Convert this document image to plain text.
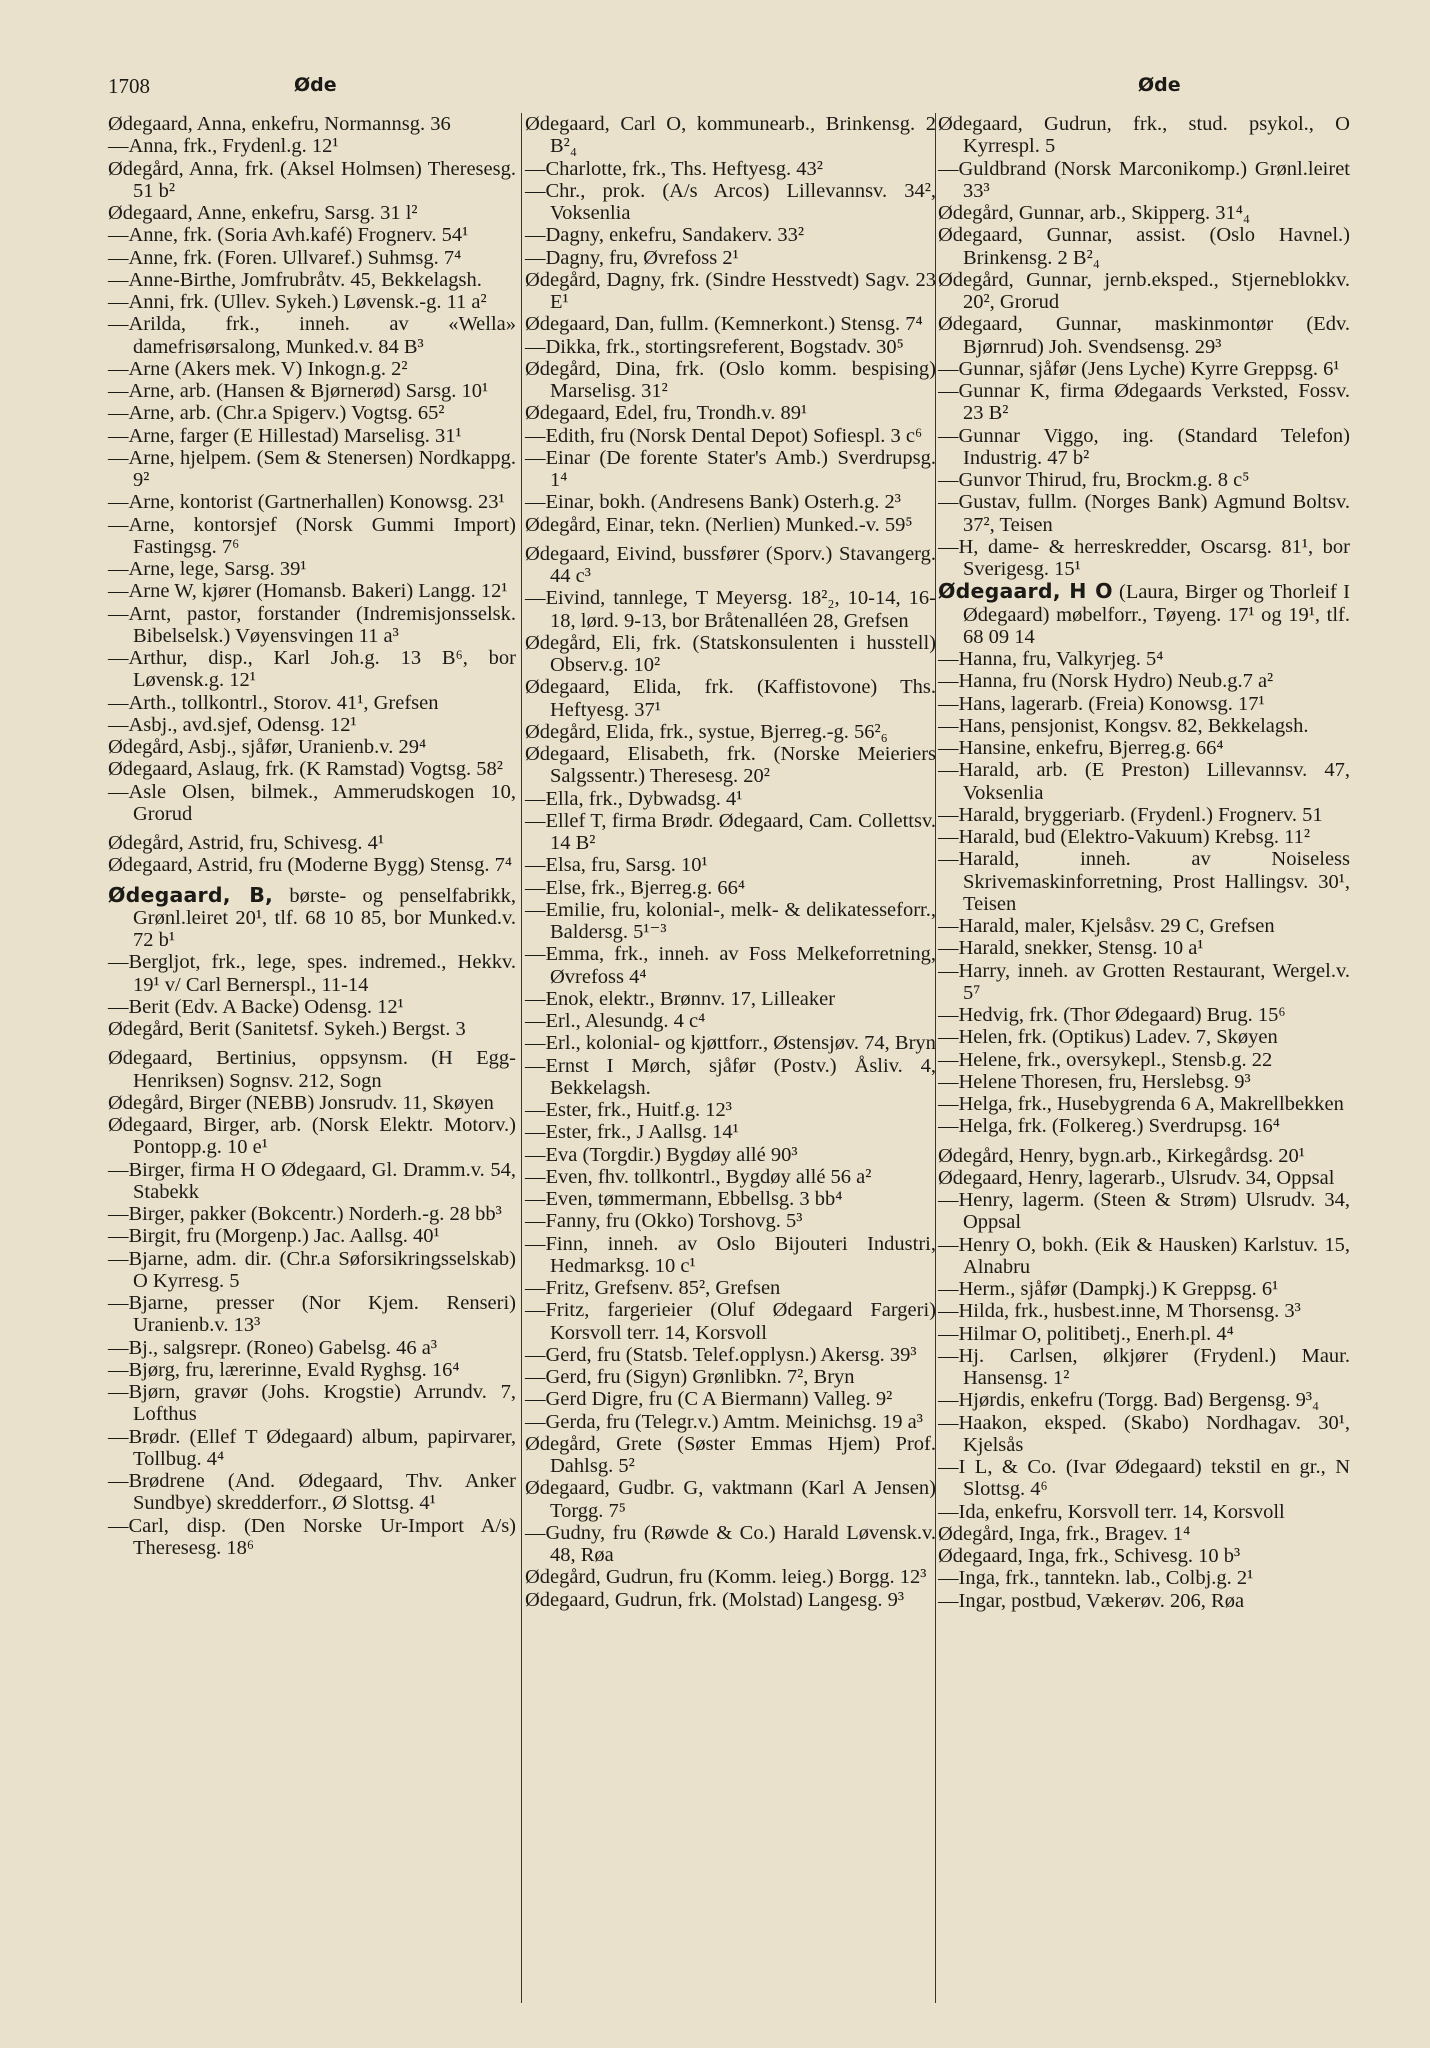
1708	Øde	Øde

Ødegaard, Anna, enkefru, Normannsg. 36

—Anna, frk., Frydenl.g. 12¹

Ødegård, Anna, frk. (Aksel Holmsen) Theresesg. 51 b²

Ødegaard, Anne, enkefru, Sarsg. 31 l²

—Anne, frk. (Soria Avh.kafé) Frognerv. 54¹

—Anne, frk. (Foren. Ullvaref.) Suhmsg. 7⁴

—Anne-Birthe, Jomfrubråtv. 45, Bekkelagsh.

—Anni, frk. (Ullev. Sykeh.) Løvensk.-g. 11 a²

—Arilda, frk., inneh. av «Wella» damefrisørsalong, Munked.v. 84 B³

—Arne (Akers mek. V) Inkogn.g. 2²

—Arne, arb. (Hansen & Bjørnerød) Sarsg. 10¹

—Arne, arb. (Chr.a Spigerv.) Vogtsg. 65²

—Arne, farger (E Hillestad) Marselisg. 31¹

—Arne, hjelpem. (Sem & Stenersen) Nordkappg. 9²

—Arne, kontorist (Gartnerhallen) Konowsg. 23¹

—Arne, kontorsjef (Norsk Gummi Import) Fastingsg. 7⁶

—Arne, lege, Sarsg. 39¹

—Arne W, kjører (Homansb. Bakeri) Langg. 12¹

—Arnt, pastor, forstander (Indremisjonsselsk. Bibelselsk.) Vøyensvingen 11 a³

—Arthur, disp., Karl Joh.g. 13 B⁶, bor Løvensk.g. 12¹

—Arth., tollkontrl., Storov. 41¹, Grefsen

—Asbj., avd.sjef, Odensg. 12¹

Ødegård, Asbj., sjåfør, Uranienb.v. 29⁴

Ødegaard, Aslaug, frk. (K Ramstad) Vogtsg. 58²

—Asle Olsen, bilmek., Ammerudskogen 10, Grorud

Ødegård, Astrid, fru, Schivesg. 4¹

Ødegaard, Astrid, fru (Moderne Bygg) Stensg. 7⁴

Ødegaard, B, børste- og penselfabrikk, Grønl.leiret 20¹, tlf. 68 10 85, bor Munked.v. 72 b¹

—Bergljot, frk., lege, spes. indremed., Hekkv. 19¹ v/ Carl Bernerspl., 11-14

—Berit (Edv. A Backe) Odensg. 12¹

Ødegård, Berit (Sanitetsf. Sykeh.) Bergst. 3

Ødegaard, Bertinius, oppsynsm. (H Egg-Henriksen) Sognsv. 212, Sogn

Ødegård, Birger (NEBB) Jonsrudv. 11, Skøyen

Ødegaard, Birger, arb. (Norsk Elektr. Motorv.) Pontopp.g. 10 e¹

—Birger, firma H O Ødegaard, Gl. Dramm.v. 54, Stabekk

—Birger, pakker (Bokcentr.) Norderh.-g. 28 bb³

—Birgit, fru (Morgenp.) Jac. Aallsg. 40¹

—Bjarne, adm. dir. (Chr.a Søforsikringsselskab) O Kyrresg. 5

—Bjarne, presser (Nor Kjem. Renseri) Uranienb.v. 13³

—Bj., salgsrepr. (Roneo) Gabelsg. 46 a³

—Bjørg, fru, lærerinne, Evald Ryghsg. 16⁴

—Bjørn, gravør (Johs. Krogstie) Arrundv. 7, Lofthus

—Brødr. (Ellef T Ødegaard) album, papirvarer, Tollbug. 4⁴

—Brødrene (And. Ødegaard, Thv. Anker Sundbye) skredderforr., Ø Slottsg. 4¹

—Carl, disp. (Den Norske Ur-Import A/s) Theresesg. 18⁶

Ødegaard, Carl O, kommunearb., Brinkensg. 2 B²₄

—Charlotte, frk., Ths. Heftyesg. 43²

—Chr., prok. (A/s Arcos) Lillevannsv. 34², Voksenlia

—Dagny, enkefru, Sandakerv. 33²

—Dagny, fru, Øvrefoss 2¹

Ødegård, Dagny, frk. (Sindre Hesstvedt) Sagv. 23 E¹

Ødegaard, Dan, fullm. (Kemnerkont.) Stensg. 7⁴

—Dikka, frk., stortingsreferent, Bogstadv. 30⁵

Ødegård, Dina, frk. (Oslo komm. bespising) Marselisg. 31²

Ødegaard, Edel, fru, Trondh.v. 89¹

—Edith, fru (Norsk Dental Depot) Sofiespl. 3 c⁶

—Einar (De forente Stater's Amb.) Sverdrupsg. 1⁴

—Einar, bokh. (Andresens Bank) Osterh.g. 2³

Ødegård, Einar, tekn. (Nerlien) Munked.-v. 59⁵

Ødegaard, Eivind, bussfører (Sporv.) Stavangerg. 44 c³

—Eivind, tannlege, T Meyersg. 18²₂, 10-14, 16-18, lørd. 9-13, bor Bråtenalléen 28, Grefsen

Ødegård, Eli, frk. (Statskonsulenten i husstell) Observ.g. 10²

Ødegaard, Elida, frk. (Kaffistovone) Ths. Heftyesg. 37¹

Ødegård, Elida, frk., systue, Bjerreg.-g. 56²₆

Ødegaard, Elisabeth, frk. (Norske Meieriers Salgssentr.) Theresesg. 20²

—Ella, frk., Dybwadsg. 4¹

—Ellef T, firma Brødr. Ødegaard, Cam. Collettsv. 14 B²

—Elsa, fru, Sarsg. 10¹

—Else, frk., Bjerreg.g. 66⁴

—Emilie, fru, kolonial-, melk- & delikatesseforr., Baldersg. 5¹⁻³

—Emma, frk., inneh. av Foss Melkeforretning, Øvrefoss 4⁴

—Enok, elektr., Brønnv. 17, Lilleaker

—Erl., Alesundg. 4 c⁴

—Erl., kolonial- og kjøttforr., Østensjøv. 74, Bryn

—Ernst I Mørch, sjåfør (Postv.) Åsliv. 4, Bekkelagsh.

—Ester, frk., Huitf.g. 12³

—Ester, frk., J Aallsg. 14¹

—Eva (Torgdir.) Bygdøy allé 90³

—Even, fhv. tollkontrl., Bygdøy allé 56 a²

—Even, tømmermann, Ebbellsg. 3 bb⁴

—Fanny, fru (Okko) Torshovg. 5³

—Finn, inneh. av Oslo Bijouteri Industri, Hedmarksg. 10 c¹

—Fritz, Grefsenv. 85², Grefsen

—Fritz, fargerieier (Oluf Ødegaard Fargeri) Korsvoll terr. 14, Korsvoll

—Gerd, fru (Statsb. Telef.opplysn.) Akersg. 39³

—Gerd, fru (Sigyn) Grønlibkn. 7², Bryn

—Gerd Digre, fru (C A Biermann) Valleg. 9²

—Gerda, fru (Telegr.v.) Amtm. Meinichsg. 19 a³

Ødegård, Grete (Søster Emmas Hjem) Prof. Dahlsg. 5²

Ødegaard, Gudbr. G, vaktmann (Karl A Jensen) Torgg. 7⁵

—Gudny, fru (Røwde & Co.) Harald Løvensk.v. 48, Røa

Ødegård, Gudrun, fru (Komm. leieg.) Borgg. 12³

Ødegaard, Gudrun, frk. (Molstad) Langesg. 9³

Ødegaard, Gudrun, frk., stud. psykol., O Kyrrespl. 5

—Guldbrand (Norsk Marconikomp.) Grønl.leiret 33³

Ødegård, Gunnar, arb., Skipperg. 31⁴₄

Ødegaard, Gunnar, assist. (Oslo Havnel.) Brinkensg. 2 B²₄

Ødegård, Gunnar, jernb.eksped., Stjerneblokkv. 20², Grorud

Ødegaard, Gunnar, maskinmontør (Edv. Bjørnrud) Joh. Svendsensg. 29³

—Gunnar, sjåfør (Jens Lyche) Kyrre Greppsg. 6¹

—Gunnar K, firma Ødegaards Verksted, Fossv. 23 B²

—Gunnar Viggo, ing. (Standard Telefon) Industrig. 47 b²

—Gunvor Thirud, fru, Brockm.g. 8 c⁵

—Gustav, fullm. (Norges Bank) Agmund Boltsv. 37², Teisen

—H, dame- & herreskredder, Oscarsg. 81¹, bor Sverigesg. 15¹

Ødegaard, H O (Laura, Birger og Thorleif I Ødegaard) møbelforr., Tøyeng. 17¹ og 19¹, tlf. 68 09 14

—Hanna, fru, Valkyrjeg. 5⁴

—Hanna, fru (Norsk Hydro) Neub.g.7 a²

—Hans, lagerarb. (Freia) Konowsg. 17¹

—Hans, pensjonist, Kongsv. 82, Bekkelagsh.

—Hansine, enkefru, Bjerreg.g. 66⁴

—Harald, arb. (E Preston) Lillevannsv. 47, Voksenlia

—Harald, bryggeriarb. (Frydenl.) Frognerv. 51

—Harald, bud (Elektro-Vakuum) Krebsg. 11²

—Harald, inneh. av Noiseless Skrivemaskinforretning, Prost Hallingsv. 30¹, Teisen

—Harald, maler, Kjelsåsv. 29 C, Grefsen

—Harald, snekker, Stensg. 10 a¹

—Harry, inneh. av Grotten Restaurant, Wergel.v. 5⁷

—Hedvig, frk. (Thor Ødegaard) Brug. 15⁶

—Helen, frk. (Optikus) Ladev. 7, Skøyen

—Helene, frk., oversykepl., Stensb.g. 22

—Helene Thoresen, fru, Herslebsg. 9³

—Helga, frk., Husebygrenda 6 A, Makrellbekken

—Helga, frk. (Folkereg.) Sverdrupsg. 16⁴

Ødegård, Henry, bygn.arb., Kirkegårdsg. 20¹

Ødegaard, Henry, lagerarb., Ulsrudv. 34, Oppsal

—Henry, lagerm. (Steen & Strøm) Ulsrudv. 34, Oppsal

—Henry O, bokh. (Eik & Hausken) Karlstuv. 15, Alnabru

—Herm., sjåfør (Dampkj.) K Greppsg. 6¹

—Hilda, frk., husbest.inne, M Thorsensg. 3³

—Hilmar O, politibetj., Enerh.pl. 4⁴

—Hj. Carlsen, ølkjører (Frydenl.) Maur. Hansensg. 1²

—Hjørdis, enkefru (Torgg. Bad) Bergensg. 9³₄

—Haakon, eksped. (Skabo) Nordhagav. 30¹, Kjelsås

—I L, & Co. (Ivar Ødegaard) tekstil en gr., N Slottsg. 4⁶

—Ida, enkefru, Korsvoll terr. 14, Korsvoll

Ødegård, Inga, frk., Bragev. 1⁴

Ødegaard, Inga, frk., Schivesg. 10 b³

—Inga, frk., tanntekn. lab., Colbj.g. 2¹

—Ingar, postbud, Vækerøv. 206, Røa
